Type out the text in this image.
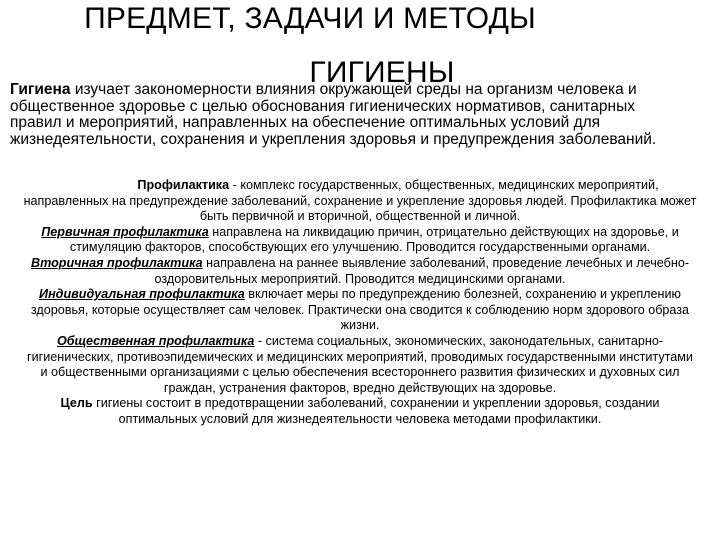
ПРЕДМЕТ, ЗАДАЧИ И МЕТОДЫ
ГИГИЕНЫ

Гигиена изучает закономерности влияния окружающей среды на организм человека и общественное здоровье с целью обоснования гигиенических нормативов, санитарных правил и мероприятий, направленных на обеспечение оптимальных условий для жизнедеятельности, сохранения и укрепления здоровья и предупреждения заболеваний.

Профилактика - комплекс государственных, общественных, медицинских мероприятий, направленных на предупреждение заболеваний, сохранение и укрепление здоровья людей. Профилактика может быть первичной и вторичной, общественной и личной.

Первичная профилактика направлена на ликвидацию причин, отрицательно действующих на здоровье, и стимуляцию факторов, способствующих его улучшению. Проводится государственными органами.

Вторичная профилактика направлена на раннее выявление заболеваний, проведение лечебных и лечебно-оздоровительных мероприятий. Проводится медицинскими органами.

Индивидуальная профилактика включает меры по предупреждению болезней, сохранению и укреплению здоровья, которые осуществляет сам человек. Практически она сводится к соблюдению норм здорового образа жизни.

Общественная профилактика - система социальных, экономических, законодательных, санитарно-гигиенических, противоэпидемических и медицинских мероприятий, проводимых государственными институтами и общественными организациями с целью обеспечения всестороннего развития физических и духовных сил граждан, устранения факторов, вредно действующих на здоровье.

Цель гигиены состоит в предотвращении заболеваний, сохранении и укреплении здоровья, создании оптимальных условий для жизнедеятельности человека методами профилактики.
